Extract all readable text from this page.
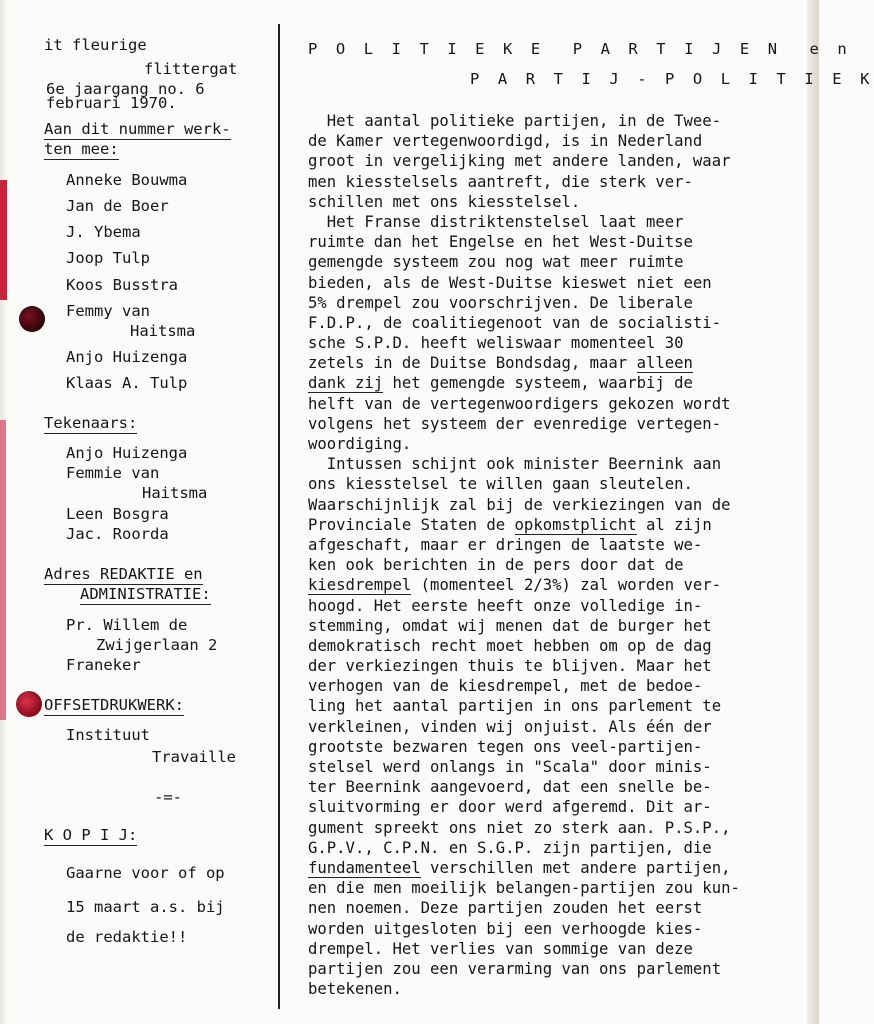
it fleurige
flittergat
6e jaargang no. 6
februari 1970.
Aan dit nummer werk-
ten mee:
Anneke Bouwma
Jan de Boer
J. Ybema
Joop Tulp
Koos Busstra
Femmy van
Haitsma
Anjo Huizenga
Klaas A. Tulp
Tekenaars:
Anjo Huizenga
Femmie van
Haitsma
Leen Bosgra
Jac. Roorda
Adres REDAKTIE en
ADMINISTRATIE:
Pr. Willem de
Zwijgerlaan 2
Franeker
OFFSETDRUKWERK:
Instituut
Travaille
-=-
K O P I J:
Gaarne voor of op
15 maart a.s. bij
de redaktie!!
P O L I T I E K E  P A R T I J E N  e n
P A R T I J - P O L I T I E K
Het aantal politieke partijen, in de Twee-
de Kamer vertegenwoordigd, is in Nederland
groot in vergelijking met andere landen, waar
men kiesstelsels aantreft, die sterk ver-
schillen met ons kiesstelsel.
Het Franse distriktenstelsel laat meer
ruimte dan het Engelse en het West-Duitse
gemengde systeem zou nog wat meer ruimte
bieden, als de West-Duitse kieswet niet een
5% drempel zou voorschrijven. De liberale
F.D.P., de coalitiegenoot van de socialisti-
sche S.P.D. heeft weliswaar momenteel 30
zetels in de Duitse Bondsdag, maar alleen
dank zij het gemengde systeem, waarbij de
helft van de vertegenwoordigers gekozen wordt
volgens het systeem der evenredige vertegen-
woordiging.
Intussen schijnt ook minister Beernink aan
ons kiesstelsel te willen gaan sleutelen.
Waarschijnlijk zal bij de verkiezingen van de
Provinciale Staten de opkomstplicht al zijn
afgeschaft, maar er dringen de laatste we-
ken ook berichten in de pers door dat de
kiesdrempel (momenteel 2/3%) zal worden ver-
hoogd. Het eerste heeft onze volledige in-
stemming, omdat wij menen dat de burger het
demokratisch recht moet hebben om op de dag
der verkiezingen thuis te blijven. Maar het
verhogen van de kiesdrempel, met de bedoe-
ling het aantal partijen in ons parlement te
verkleinen, vinden wij onjuist. Als één der
grootste bezwaren tegen ons veel-partijen-
stelsel werd onlangs in "Scala" door minis-
ter Beernink aangevoerd, dat een snelle be-
sluitvorming er door werd afgeremd. Dit ar-
gument spreekt ons niet zo sterk aan. P.S.P.,
G.P.V., C.P.N. en S.G.P. zijn partijen, die
fundamenteel verschillen met andere partijen,
en die men moeilijk belangen-partijen zou kun-
nen noemen. Deze partijen zouden het eerst
worden uitgesloten bij een verhoogde kies-
drempel. Het verlies van sommige van deze
partijen zou een verarming van ons parlement
betekenen.
